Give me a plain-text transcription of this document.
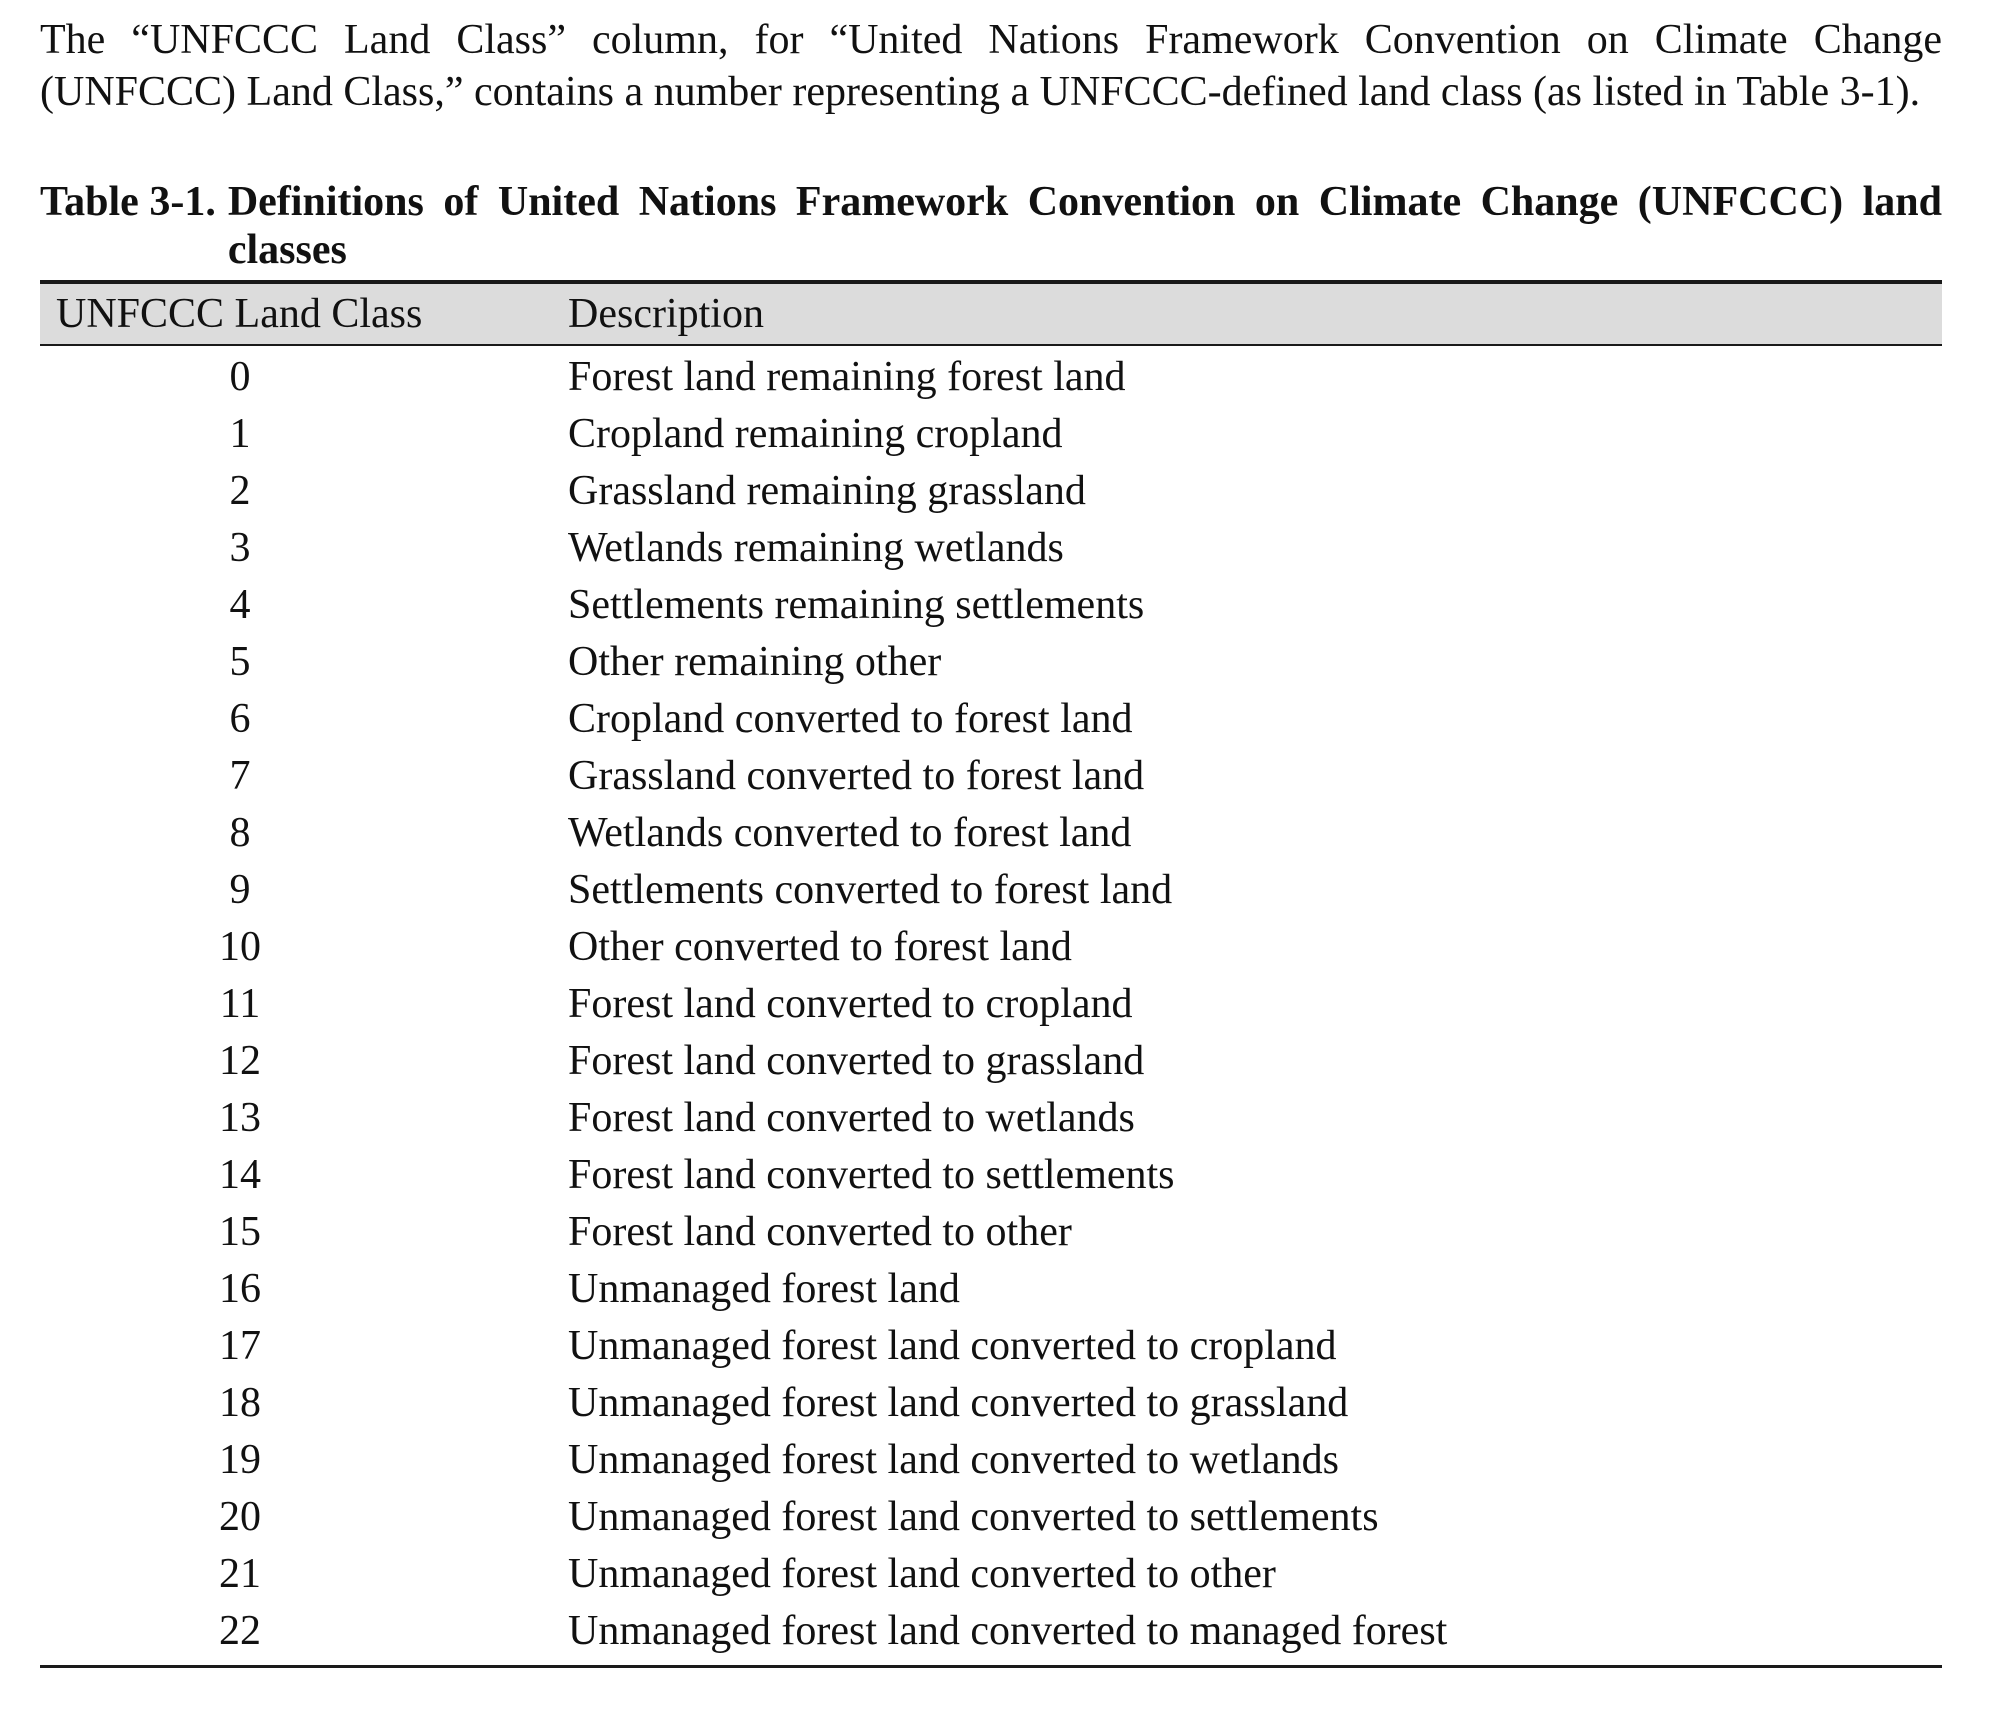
The “UNFCCC Land Class” column, for “United Nations Framework Convention on Climate Change (UNFCCC) Land Class,” contains a number representing a UNFCCC-defined land class (as listed in Table 3-1).

Table 3-1. Definitions of United Nations Framework Convention on Climate Change (UNFCCC) land classes
UNFCCC Land Class	Description
0	Forest land remaining forest land
1	Cropland remaining cropland
2	Grassland remaining grassland
3	Wetlands remaining wetlands
4	Settlements remaining settlements
5	Other remaining other
6	Cropland converted to forest land
7	Grassland converted to forest land
8	Wetlands converted to forest land
9	Settlements converted to forest land
10	Other converted to forest land
11	Forest land converted to cropland
12	Forest land converted to grassland
13	Forest land converted to wetlands
14	Forest land converted to settlements
15	Forest land converted to other
16	Unmanaged forest land
17	Unmanaged forest land converted to cropland
18	Unmanaged forest land converted to grassland
19	Unmanaged forest land converted to wetlands
20	Unmanaged forest land converted to settlements
21	Unmanaged forest land converted to other
22	Unmanaged forest land converted to managed forest
